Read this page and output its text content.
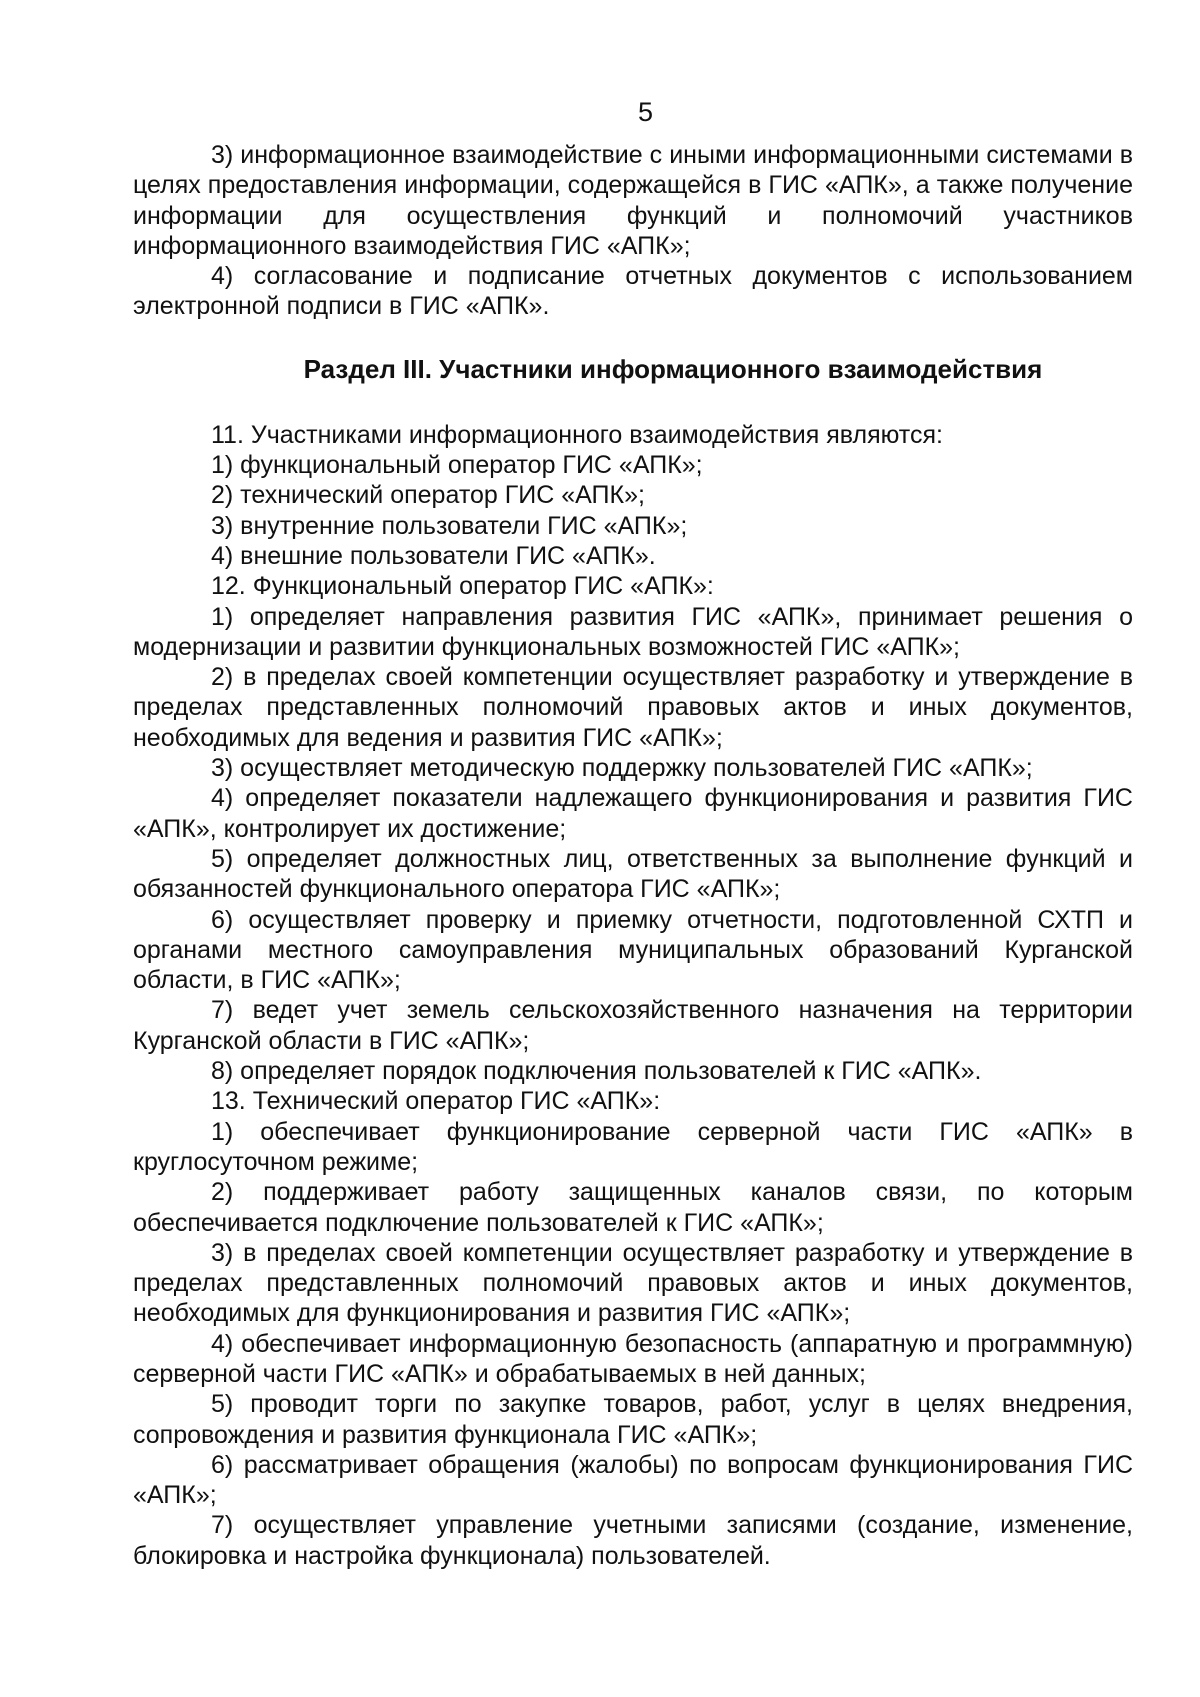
5

3) информационное взаимодействие с иными информационными системами в целях предоставления информации, содержащейся в ГИС «АПК», а также получение информации для осуществления функций и полномочий участников информационного взаимодействия ГИС «АПК»;

4) согласование и подписание отчетных документов с использованием электронной подписи в ГИС «АПК».

Раздел III. Участники информационного взаимодействия

11. Участниками информационного взаимодействия являются:

1) функциональный оператор ГИС «АПК»;

2) технический оператор ГИС «АПК»;

3) внутренние пользователи ГИС «АПК»;

4) внешние пользователи ГИС «АПК».

12. Функциональный оператор ГИС «АПК»:

1) определяет направления развития ГИС «АПК», принимает решения о модернизации и развитии функциональных возможностей ГИС «АПК»;

2) в пределах своей компетенции осуществляет разработку и утверждение в пределах представленных полномочий правовых актов и иных документов, необходимых для ведения и развития ГИС «АПК»;

3) осуществляет методическую поддержку пользователей ГИС «АПК»;

4) определяет показатели надлежащего функционирования и развития ГИС «АПК», контролирует их достижение;

5) определяет должностных лиц, ответственных за выполнение функций и обязанностей функционального оператора ГИС «АПК»;

6) осуществляет проверку и приемку отчетности, подготовленной СХТП и органами местного самоуправления муниципальных образований Курганской области, в ГИС «АПК»;

7) ведет учет земель сельскохозяйственного назначения на территории Курганской области в ГИС «АПК»;

8) определяет порядок подключения пользователей к ГИС «АПК».

13. Технический оператор ГИС «АПК»:

1) обеспечивает функционирование серверной части ГИС «АПК» в круглосуточном режиме;

2) поддерживает работу защищенных каналов связи, по которым обеспечивается подключение пользователей к ГИС «АПК»;

3) в пределах своей компетенции осуществляет разработку и утверждение в пределах представленных полномочий правовых актов и иных документов, необходимых для функционирования и развития ГИС «АПК»;

4) обеспечивает информационную безопасность (аппаратную и программную) серверной части ГИС «АПК» и обрабатываемых в ней данных;

5) проводит торги по закупке товаров, работ, услуг в целях внедрения, сопровождения и развития функционала ГИС «АПК»;

6) рассматривает обращения (жалобы) по вопросам функционирования ГИС «АПК»;

7) осуществляет управление учетными записями (создание, изменение, блокировка и настройка функционала) пользователей.
